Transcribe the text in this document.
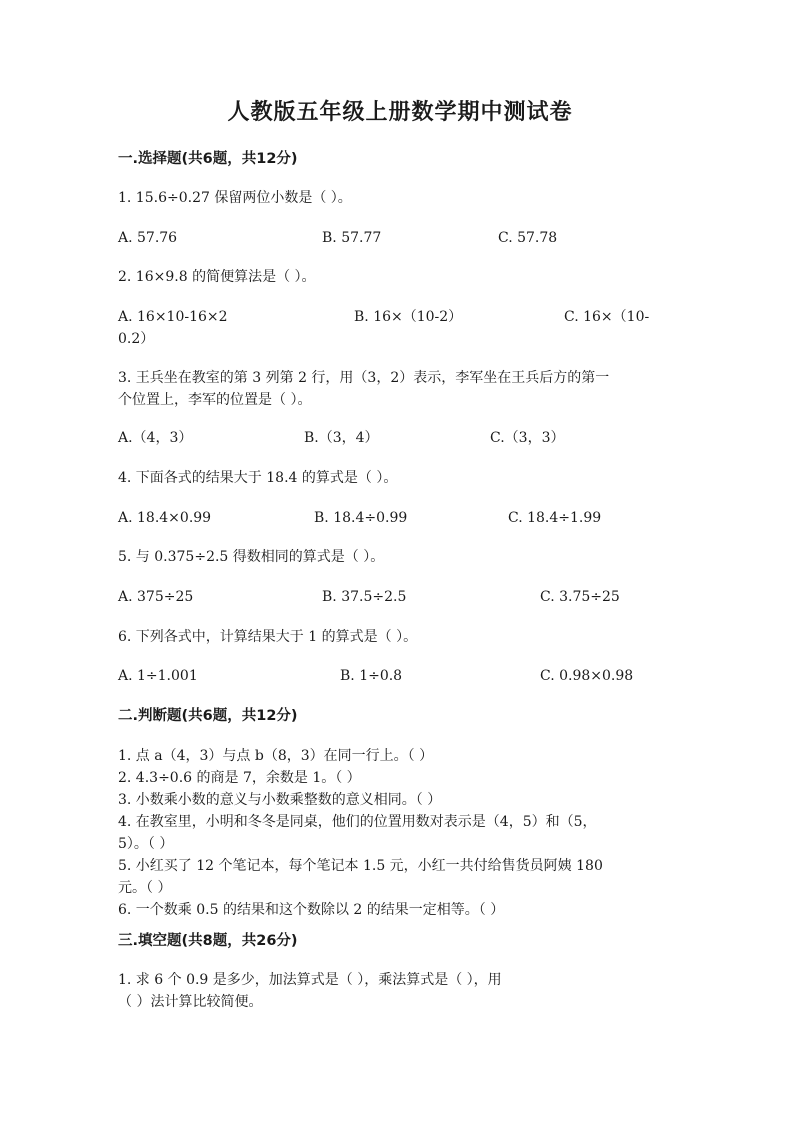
人教版五年级上册数学期中测试卷
一.选择题(共6题，共12分)
1. 15.6÷0.27 保留两位小数是（ ）。
A. 57.76	B. 57.77	C. 57.78
2. 16×9.8 的简便算法是（ ）。
A. 16×10-16×2	B. 16×（10-2）	C. 16×（10-
0.2）
3. 王兵坐在教室的第 3 列第 2 行，用（3，2）表示，李军坐在王兵后方的第一
个位置上，李军的位置是（ ）。
A.（4，3）	B.（3，4）	C.（3，3）
4. 下面各式的结果大于 18.4 的算式是（ ）。
A. 18.4×0.99	B. 18.4÷0.99	C. 18.4÷1.99
5. 与 0.375÷2.5 得数相同的算式是（ ）。
A. 375÷25	B. 37.5÷2.5	C. 3.75÷25
6. 下列各式中，计算结果大于 1 的算式是（ ）。
A. 1÷1.001	B. 1÷0.8	C. 0.98×0.98
二.判断题(共6题，共12分)
1. 点 a（4，3）与点 b（8，3）在同一行上。（ ）
2. 4.3÷0.6 的商是 7，余数是 1。（ ）
3. 小数乘小数的意义与小数乘整数的意义相同。（ ）
4. 在教室里，小明和冬冬是同桌，他们的位置用数对表示是（4，5）和（5，
5）。（ ）
5. 小红买了 12 个笔记本，每个笔记本 1.5 元，小红一共付给售货员阿姨 180
元。（ ）
6. 一个数乘 0.5 的结果和这个数除以 2 的结果一定相等。（ ）
三.填空题(共8题，共26分)
1. 求 6 个 0.9 是多少，加法算式是（ ），乘法算式是（ ），用
（ ）法计算比较简便。
